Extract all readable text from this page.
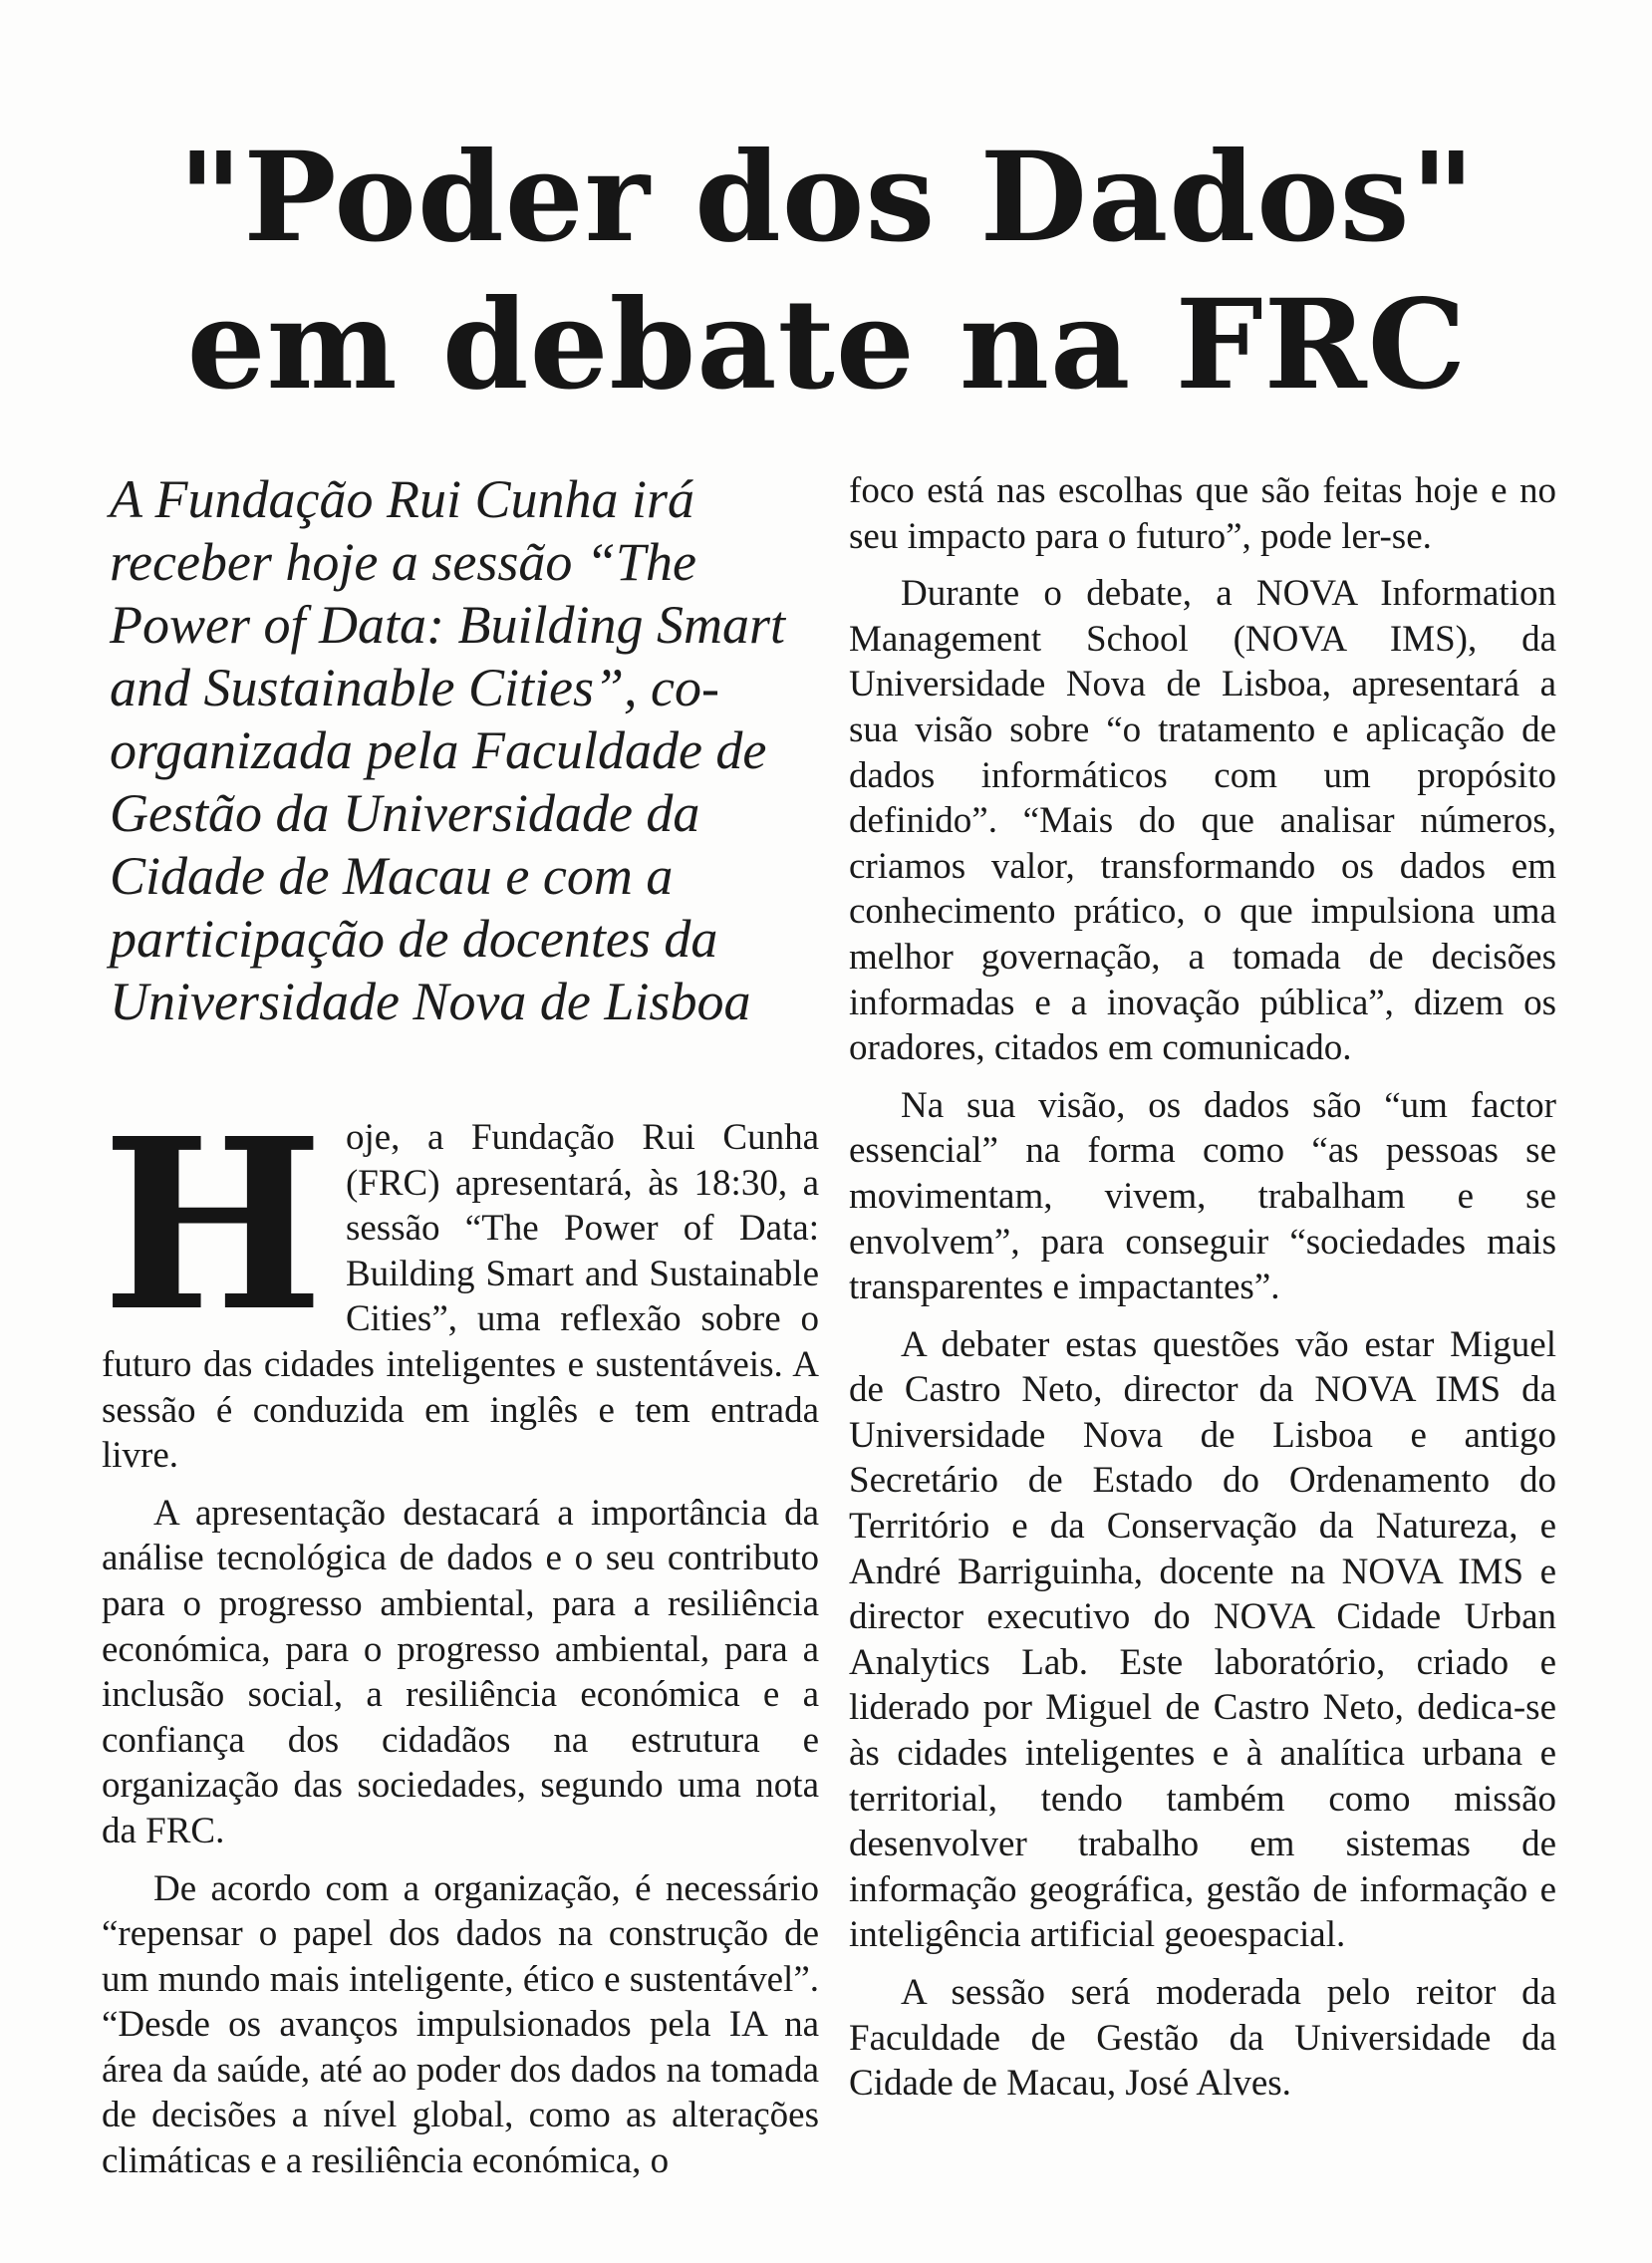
"Poder dos Dados"
em debate na FRC

A Fundação Rui Cunha irá receber hoje a sessão “The Power of Data: Building Smart and Sustainable Cities”, co-organizada pela Faculdade de Gestão da Universidade da Cidade de Macau e com a participação de docentes da Universidade Nova de Lisboa

Hoje, a Fundação Rui Cunha (FRC) apresentará, às 18:30, a sessão “The Power of Data: Building Smart and Sustainable Cities”, uma reflexão sobre o futuro das cidades inteligentes e sustentáveis. A sessão é conduzida em inglês e tem entrada livre.

A apresentação destacará a importância da análise tecnológica de dados e o seu contributo para o progresso ambiental, para a resiliência económica, para o progresso ambiental, para a inclusão social, a resiliência económica e a confiança dos cidadãos na estrutura e organização das sociedades, segundo uma nota da FRC.

De acordo com a organização, é necessário “repensar o papel dos dados na construção de um mundo mais inteligente, ético e sustentável”. “Desde os avanços impulsionados pela IA na área da saúde, até ao poder dos dados na tomada de decisões a nível global, como as alterações climáticas e a resiliência económica, o

foco está nas escolhas que são feitas hoje e no seu impacto para o futuro”, pode ler-se.

Durante o debate, a NOVA Information Management School (NOVA IMS), da Universidade Nova de Lisboa, apresentará a sua visão sobre “o tratamento e aplicação de dados informáticos com um propósito definido”. “Mais do que analisar números, criamos valor, transformando os dados em conhecimento prático, o que impulsiona uma melhor governação, a tomada de decisões informadas e a inovação pública”, dizem os oradores, citados em comunicado.

Na sua visão, os dados são “um factor essencial” na forma como “as pessoas se movimentam, vivem, trabalham e se envolvem”, para conseguir “sociedades mais transparentes e impactantes”.

A debater estas questões vão estar Miguel de Castro Neto, director da NOVA IMS da Universidade Nova de Lisboa e antigo Secretário de Estado do Ordenamento do Território e da Conservação da Natureza, e André Barriguinha, docente na NOVA IMS e director executivo do NOVA Cidade Urban Analytics Lab. Este laboratório, criado e liderado por Miguel de Castro Neto, dedica-se às cidades inteligentes e à analítica urbana e territorial, tendo também como missão desenvolver trabalho em sistemas de informação geográfica, gestão de informação e inteligência artificial geoespacial.

A sessão será moderada pelo reitor da Faculdade de Gestão da Universidade da Cidade de Macau, José Alves.
